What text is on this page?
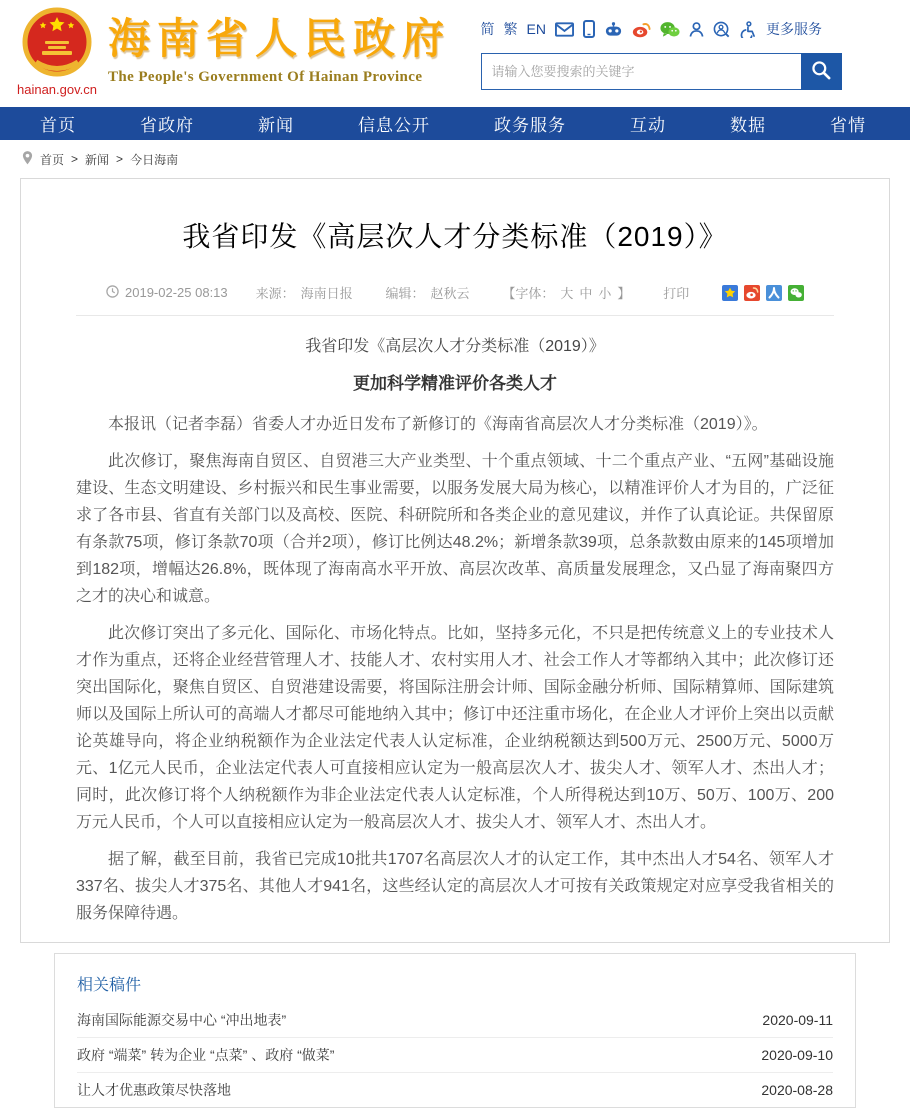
hainan.gov.cn
海南省人民政府
The People's Government Of Hainan Province
简 繁 EN	更多服务
请输入您要搜索的关键字
首页	省政府	新闻	信息公开	政务服务	互动	数据	省情
首页 > 新闻 > 今日海南
我省印发《高层次人才分类标准（2019）》
2019-02-25 08:13 来源： 海南日报	编辑： 赵秋云	【字体： 大 中 小 】	打印
我省印发《高层次人才分类标准（2019）》
更加科学精准评价各类人才

本报讯（记者李磊）省委人才办近日发布了新修订的《海南省高层次人才分类标准（2019）》。

此次修订，聚焦海南自贸区、自贸港三大产业类型、十个重点领域、十二个重点产业、“五网”基础设施建设、生态文明建设、乡村振兴和民生事业需要，以服务发展大局为核心，以精准评价人才为目的，广泛征求了各市县、省直有关部门以及高校、医院、科研院所和各类企业的意见建议，并作了认真论证。共保留原有条款75项，修订条款70项（合并2项），修订比例达48.2%；新增条款39项，总条款数由原来的145项增加到182项，增幅达26.8%，既体现了海南高水平开放、高层次改革、高质量发展理念，又凸显了海南聚四方之才的决心和诚意。

此次修订突出了多元化、国际化、市场化特点。比如，坚持多元化，不只是把传统意义上的专业技术人才作为重点，还将企业经营管理人才、技能人才、农村实用人才、社会工作人才等都纳入其中；此次修订还突出国际化，聚焦自贸区、自贸港建设需要，将国际注册会计师、国际金融分析师、国际精算师、国际建筑师以及国际上所认可的高端人才都尽可能地纳入其中；修订中还注重市场化，在企业人才评价上突出以贡献论英雄导向，将企业纳税额作为企业法定代表人认定标准，企业纳税额达到500万元、2500万元、5000万元、1亿元人民币，企业法定代表人可直接相应认定为一般高层次人才、拔尖人才、领军人才、杰出人才；同时，此次修订将个人纳税额作为非企业法定代表人认定标准，个人所得税达到10万、50万、100万、200万元人民币，个人可以直接相应认定为一般高层次人才、拔尖人才、领军人才、杰出人才。

据了解，截至目前，我省已完成10批共1707名高层次人才的认定工作，其中杰出人才54名、领军人才337名、拔尖人才375名、其他人才941名，这些经认定的高层次人才可按有关政策规定对应享受我省相关的服务保障待遇。

相关稿件
海南国际能源交易中心 “冲出地表”	2020-09-11
政府 “端菜” 转为企业 “点菜” 、政府 “做菜”	2020-09-10
让人才优惠政策尽快落地	2020-08-28
